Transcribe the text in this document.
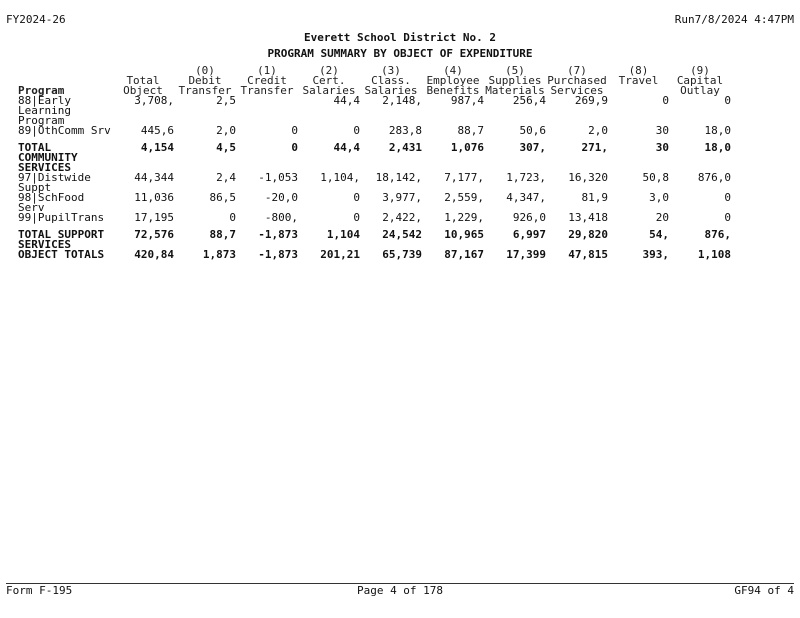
FY2024-26	Run7/8/2024 4:47PM
Everett School District No. 2
PROGRAM SUMMARY BY OBJECT OF EXPENDITURE
Program		(0)	(1)	(2)	(3)	(4)	(5)	(7)	(8)	(9)
	Total	Debit	Credit	Cert.	Class.	Employee	Supplies	Purchased	Travel	Capital
	Object	Transfer	Transfer	Salaries	Salaries	Benefits	Materials	Services		Outlay
88|Early Learning Program	3,708,	2,5		44,4	2,148,	987,4	256,4	269,9	0	0
89|OthComm Srv	445,6	2,0	0	0	283,8	88,7	50,6	2,0	30	18,0
TOTAL COMMUNITY SERVICES	4,154	4,5	0	44,4	2,431	1,076	307,	271,	30	18,0
97|Distwide Suppt	44,344	2,4	-1,053	1,104,	18,142,	7,177,	1,723,	16,320	50,8	876,0
98|SchFood Serv	11,036	86,5	-20,0	0	3,977,	2,559,	4,347,	81,9	3,0	0
99|PupilTrans	17,195	0	-800,	0	2,422,	1,229,	926,0	13,418	20	0
TOTAL SUPPORT SERVICES	72,576	88,7	-1,873	1,104	24,542	10,965	6,997	29,820	54,	876,
OBJECT TOTALS	420,84	1,873	-1,873	201,21	65,739	87,167	17,399	47,815	393,	1,108
Form F-195	Page 4 of 178	GF94 of 4
